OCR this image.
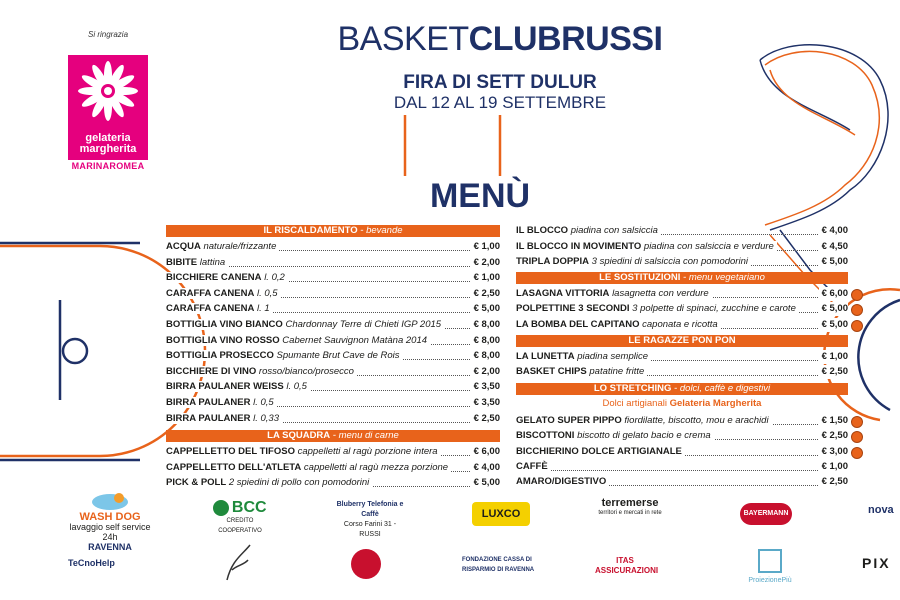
Si ringrazia
gelateria
margherita
MARINAROMEA
BASKETCLUBRUSSI
FIRA DI SETT DULUR
DAL 12 AL 19 SETTEMBRE
MENÙ
IL RISCALDAMENTO - bevande
ACQUA naturale/frizzante	€ 1,00
BIBITE lattina	€ 2,00
BICCHIERE CANENA l. 0,2	€ 1,00
CARAFFA CANENA l. 0,5	€ 2,50
CARAFFA CANENA l. 1	€ 5,00
BOTTIGLIA VINO BIANCO Chardonnay Terre di Chieti IGP 2015	€ 8,00
BOTTIGLIA VINO ROSSO Cabernet Sauvignon Matàna 2014	€ 8,00
BOTTIGLIA PROSECCO Spumante Brut Cave de Rois	€ 8,00
BICCHIERE DI VINO rosso/bianco/prosecco	€ 2,00
BIRRA PAULANER WEISS l. 0,5	€ 3,50
BIRRA PAULANER l. 0,5	€ 3,50
BIRRA PAULANER l. 0,33	€ 2,50
LA SQUADRA - menu di carne
CAPPELLETTO DEL TIFOSO cappelletti al ragù porzione intera	€ 6,00
CAPPELLETTO DELL'ATLETA cappelletti al ragù mezza porzione	€ 4,00
PICK & POLL 2 spiedini di pollo con pomodorini	€ 5,00
IL BLOCCO piadina con salsiccia	€ 4,00
IL BLOCCO IN MOVIMENTO piadina con salsiccia e verdure	€ 4,50
TRIPLA DOPPIA 3 spiedini di salsiccia con pomodorini	€ 5,00
LE SOSTITUZIONI - menu vegetariano
LASAGNA VITTORIA lasagnetta con verdure	€ 6,00
POLPETTINE 3 SECONDI 3 polpette di spinaci, zucchine e carote	€ 5,00
LA BOMBA DEL CAPITANO caponata e ricotta	€ 5,00
LE RAGAZZE PON PON
LA LUNETTA piadina semplice	€ 1,00
BASKET CHIPS patatine fritte	€ 2,50
LO STRETCHING - dolci, caffè e digestivi
Dolci artigianali Gelateria Margherita
GELATO SUPER PIPPO fiordilatte, biscotto, mou e arachidi	€ 1,50
BISCOTTONI biscotto di gelato bacio e crema	€ 2,50
BICCHIERINO DOLCE ARTIGIANALE	€ 3,00
CAFFÈ	€ 1,00
AMARO/DIGESTIVO	€ 2,50
WASH DOG
lavaggio self service 24h
RAVENNA
BCC
CREDITO COOPERATIVO
Bluberry Telefonia e Caffè
Corso Farini 31 - RUSSI
LUXCO
terremerse
territori e mercati in rete	BAYERMANN	nova
TeCnoHelp	FONDAZIONE CASSA DI RISPARMIO DI RAVENNA
ITAS ASSICURAZIONI
ProiezionePiù
PIX
